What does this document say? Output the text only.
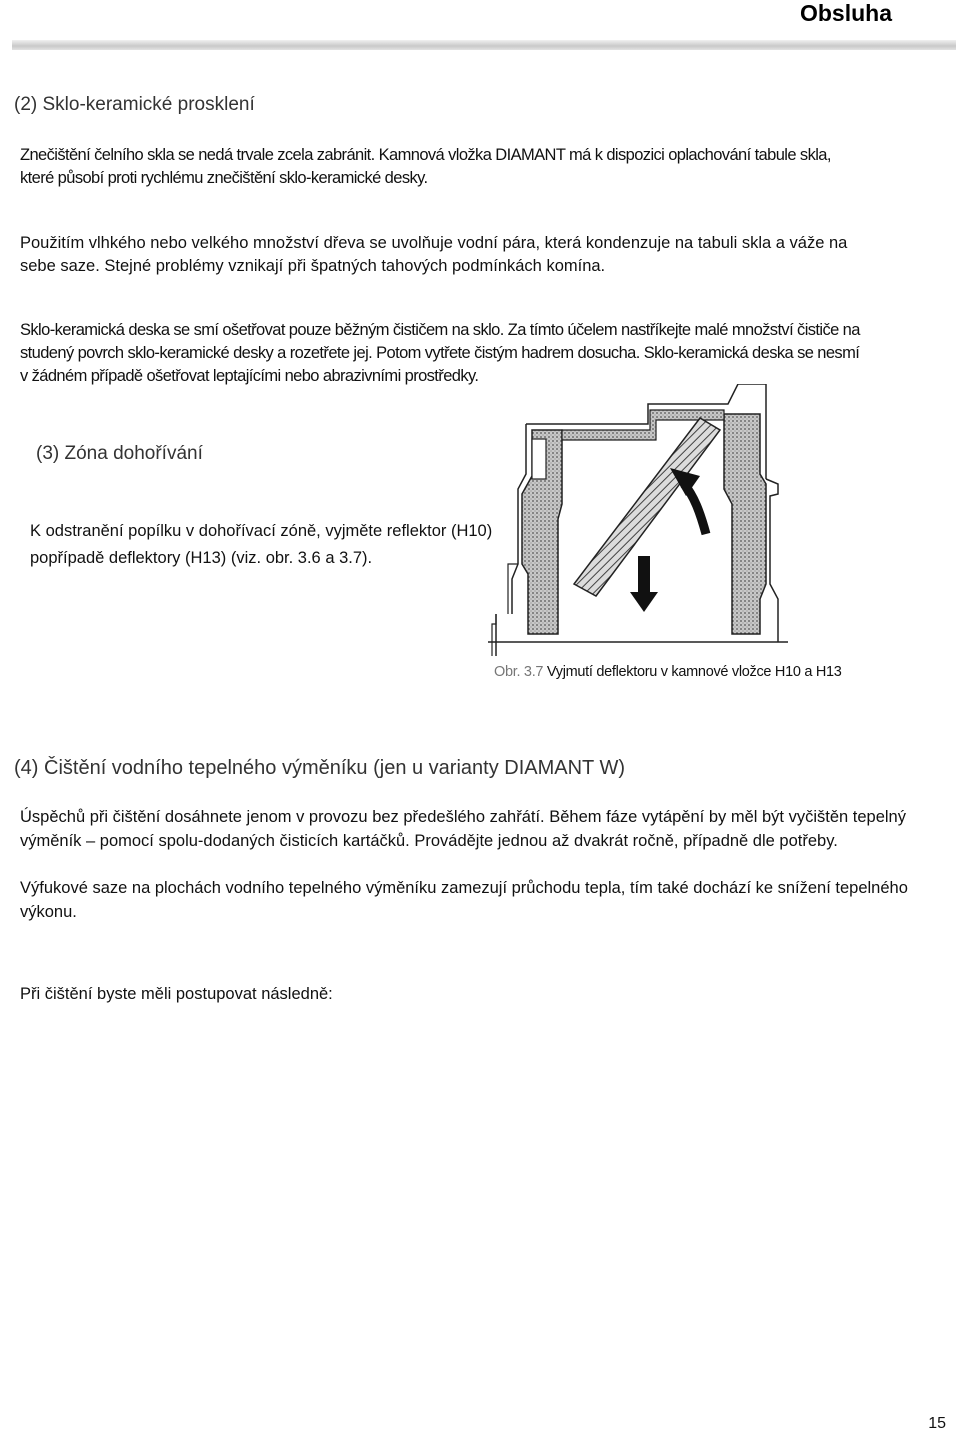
Obsluha
(2) Sklo-keramické prosklení
Znečištění čelního skla se nedá trvale zcela zabránit. Kamnová vložka DIAMANT má k dispozici oplachování tabule skla,
které působí proti rychlému znečištění sklo-keramické desky.
Použitím vlhkého nebo velkého množství dřeva se uvolňuje vodní pára, která kondenzuje na tabuli skla a váže na
sebe saze. Stejné problémy vznikají při špatných tahových podmínkách komína.
Sklo-keramická deska se smí ošetřovat pouze běžným čističem na sklo. Za tímto účelem nastříkejte malé množství čističe na
studený povrch sklo-keramické desky a rozetřete jej. Potom vytřete čistým hadrem dosucha. Sklo-keramická deska se nesmí
v žádném případě ošetřovat leptajícími nebo abrazivními prostředky.
(3) Zóna dohořívání
K odstranění popílku v dohořívací zóně, vyjměte reflektor (H10)
popřípadě deflektory (H13) (viz. obr. 3.6 a 3.7).
Obr. 3.7 Vyjmutí deflektoru v kamnové vložce H10 a H13
(4) Čištění vodního tepelného výměníku (jen u varianty DIAMANT W)
Úspěchů při čištění dosáhnete jenom v provozu bez předešlého zahřátí. Během fáze vytápění by měl být vyčištěn tepelný
výměník – pomocí spolu-dodaných čisticích kartáčků. Provádějte jednou až dvakrát ročně, případně dle potřeby.
Výfukové saze na plochách vodního tepelného výměníku zamezují průchodu tepla, tím také dochází ke snížení tepelného
výkonu.
Při čištění byste měli postupovat následně:
15
